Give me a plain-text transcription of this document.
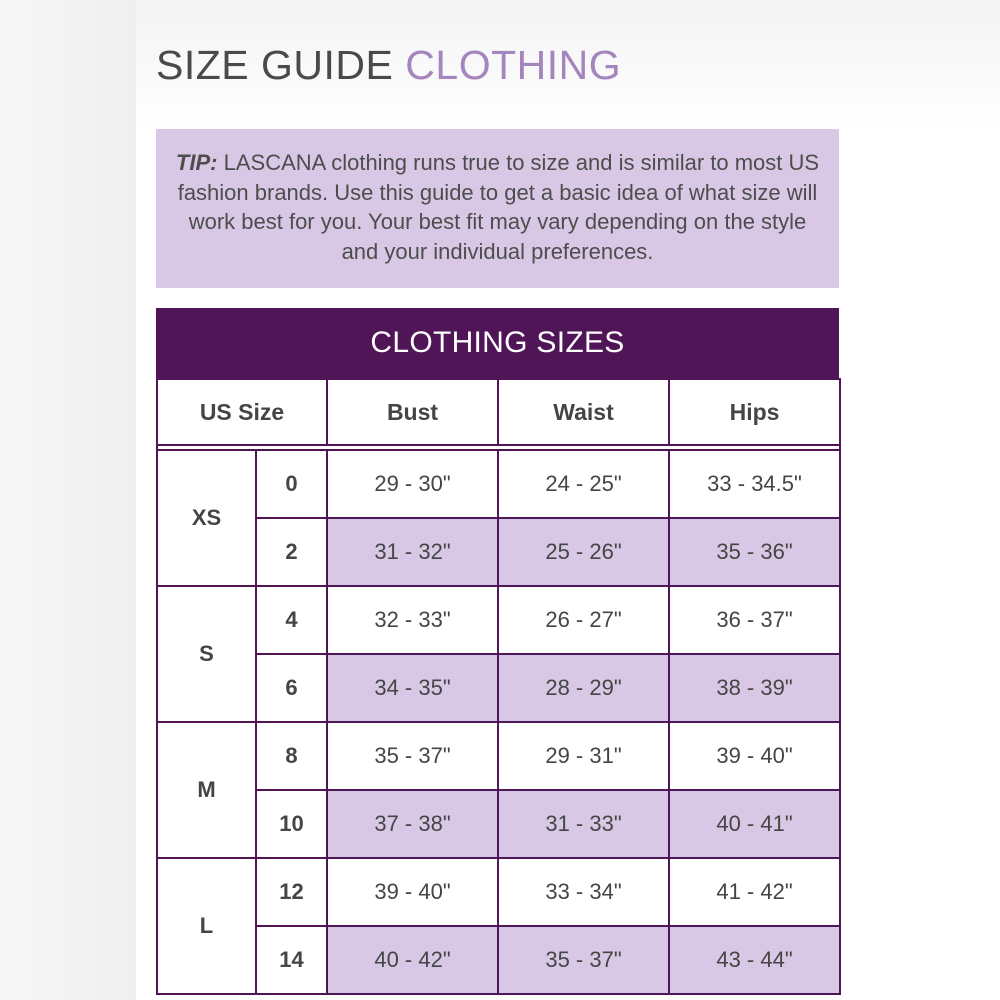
SIZE GUIDE CLOTHING
TIP: LASCANA clothing runs true to size and is similar to most US fashion brands. Use this guide to get a basic idea of what size will work best for you. Your best fit may vary depending on the style and your individual preferences.
CLOTHING SIZES
US Size		Bust	Waist	Hips

XS	0	29 - 30"	24 - 25"	33 - 34.5"
	2	31 - 32"	25 - 26"	35 - 36"
S	4	32 - 33"	26 - 27"	36 - 37"
	6	34 - 35"	28 - 29"	38 - 39"
M	8	35 - 37"	29 - 31"	39 - 40"
	10	37 - 38"	31 - 33"	40 - 41"
L	12	39 - 40"	33 - 34"	41 - 42"
	14	40 - 42"	35 - 37"	43 - 44"
